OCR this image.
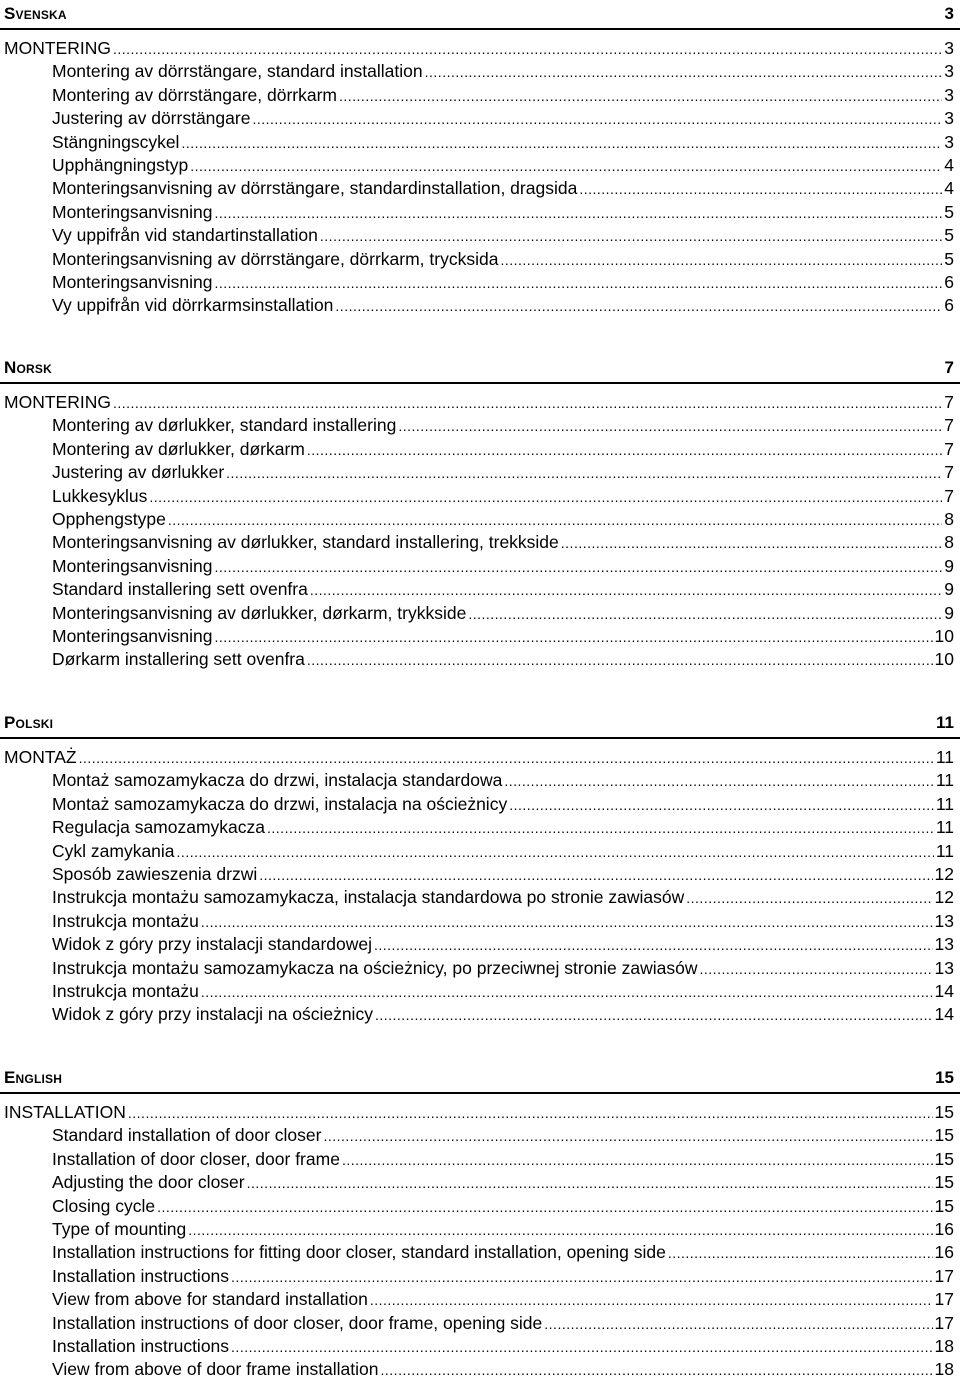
Svenska	3
MONTERING .....	3
Montering av dörrstängare, standard installation .....	3
Montering av dörrstängare, dörrkarm .....	3
Justering av dörrstängare .....	3
Stängningscykel .....	3
Upphängningstyp .....	4
Monteringsanvisning av dörrstängare, standardinstallation, dragsida .....	4
Monteringsanvisning .....	5
Vy uppifrån vid standartinstallation .....	5
Monteringsanvisning av dörrstängare, dörrkarm, trycksida .....	5
Monteringsanvisning .....	6
Vy uppifrån vid dörrkarmsinstallation .....	6
Norsk	7
MONTERING .....	7
Montering av dørlukker, standard installering .....	7
Montering av dørlukker, dørkarm .....	7
Justering av dørlukker .....	7
Lukkesyklus .....	7
Opphengstype .....	8
Monteringsanvisning av dørlukker, standard installering, trekkside .....	8
Monteringsanvisning .....	9
Standard installering sett ovenfra .....	9
Monteringsanvisning av dørlukker, dørkarm, trykkside .....	9
Monteringsanvisning .....	10
Dørkarm installering sett ovenfra .....	10
Polski	11
MONTAŻ .....	11
Montaż samozamykacza do drzwi, instalacja standardowa .....	11
Montaż samozamykacza do drzwi, instalacja na ościeżnicy .....	11
Regulacja samozamykacza .....	11
Cykl zamykania .....	11
Sposób zawieszenia drzwi .....	12
Instrukcja montażu samozamykacza, instalacja standardowa po stronie zawiasów .....	12
Instrukcja montażu .....	13
Widok z góry przy instalacji standardowej .....	13
Instrukcja montażu samozamykacza na ościeżnicy, po przeciwnej stronie zawiasów .....	13
Instrukcja montażu .....	14
Widok z góry przy instalacji na ościeżnicy .....	14
English	15
INSTALLATION .....	15
Standard installation of door closer .....	15
Installation of door closer, door frame .....	15
Adjusting the door closer .....	15
Closing cycle .....	15
Type of mounting .....	16
Installation instructions for fitting door closer, standard installation, opening side .....	16
Installation instructions .....	17
View from above for standard installation .....	17
Installation instructions of door closer, door frame, opening side .....	17
Installation instructions .....	18
View from above of door frame installation .....	18
